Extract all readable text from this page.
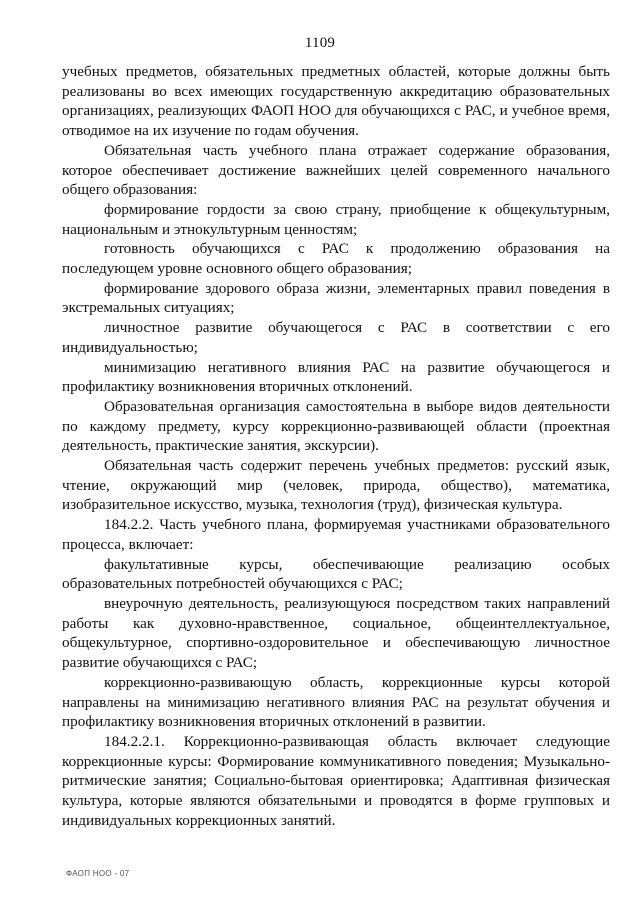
1109

учебных предметов, обязательных предметных областей, которые должны быть реализованы во всех имеющих государственную аккредитацию образовательных организациях, реализующих ФАОП НОО для обучающихся с РАС, и учебное время, отводимое на их изучение по годам обучения.

Обязательная часть учебного плана отражает содержание образования, которое обеспечивает достижение важнейших целей современного начального общего образования:

формирование гордости за свою страну, приобщение к общекультурным, национальным и этнокультурным ценностям;

готовность обучающихся с РАС к продолжению образования на последующем уровне основного общего образования;

формирование здорового образа жизни, элементарных правил поведения в экстремальных ситуациях;

личностное развитие обучающегося с РАС в соответствии с его индивидуальностью;

минимизацию негативного влияния РАС на развитие обучающегося и профилактику возникновения вторичных отклонений.

Образовательная организация самостоятельна в выборе видов деятельности по каждому предмету, курсу коррекционно-развивающей области (проектная деятельность, практические занятия, экскурсии).

Обязательная часть содержит перечень учебных предметов: русский язык, чтение, окружающий мир (человек, природа, общество), математика, изобразительное искусство, музыка, технология (труд), физическая культура.

184.2.2. Часть учебного плана, формируемая участниками образовательного процесса, включает:

факультативные курсы, обеспечивающие реализацию особых образовательных потребностей обучающихся с РАС;

внеурочную деятельность, реализующуюся посредством таких направлений работы как духовно-нравственное, социальное, общеинтеллектуальное, общекультурное, спортивно-оздоровительное и обеспечивающую личностное развитие обучающихся с РАС;

коррекционно-развивающую область, коррекционные курсы которой направлены на минимизацию негативного влияния РАС на результат обучения и профилактику возникновения вторичных отклонений в развитии.

184.2.2.1. Коррекционно-развивающая область включает следующие коррекционные курсы: Формирование коммуникативного поведения; Музыкально-ритмические занятия; Социально-бытовая ориентировка; Адаптивная физическая культура, которые являются обязательными и проводятся в форме групповых и индивидуальных коррекционных занятий.

ФАОП НОО - 07
